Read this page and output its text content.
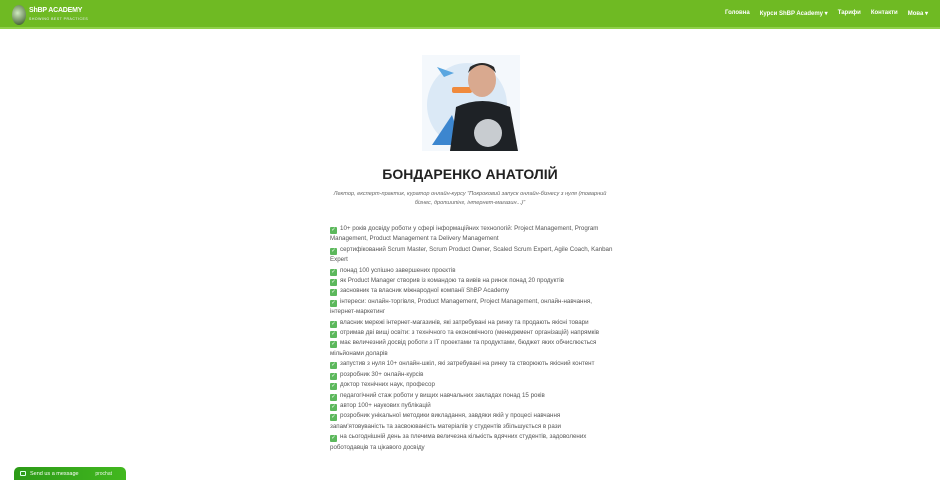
ShBP ACADEMY
SHOWING BEST PRACTICES
Головна Курси ShBP Academy ▾ Тарифи Контакти Мова ▾
БОНДАРЕНКО АНАТОЛІЙ
Лектор, експерт-практик, куратор онлайн-курсу "Покроковий запуск онлайн-бізнесу з нуля (товарний бізнес, дропшипінг, інтернет-магазин...)"
✓ 10+ років досвіду роботи у сфері інформаційних технологій: Project Management, Program Management, Product Management та Delivery Management
✓ сертифікований Scrum Master, Scrum Product Owner, Scaled Scrum Expert, Agile Coach, Kanban Expert
✓ понад 100 успішно завершених проєктів
✓ як Product Manager створив із командою та вивів на ринок понад 20 продуктів
✓ засновник та власник міжнародної компанії ShBP Academy
✓ інтереси: онлайн-торгівля, Product Management, Project Management, онлайн-навчання, інтернет-маркетинг
✓ власник мережі інтернет-магазинів, які затребувані на ринку та продають якісні товари
✓ отримав дві вищі освіти: з технічного та економічного (менеджмент організацій) напрямків
✓ має величезний досвід роботи з IT проектами та продуктами, бюджет яких обчислюється мільйонами доларів
✓ запустив з нуля 10+ онлайн-шкіл, які затребувані на ринку та створюють якісний контент
✓ розробник 30+ онлайн-курсів
✓ доктор технічних наук, професор
✓ педагогічний стаж роботи у вищих навчальних закладах понад 15 років
✓ автор 100+ наукових публікацій
✓ розробник унікальної методики викладання, завдяки якій у процесі навчання запам'ятовуваність та засвоюваність матеріалів у студентів збільшується в рази
✓ на сьогоднішній день за плечима величезна кількість вдячних студентів, задоволених роботодавців та цікавого досвіду
Send us a message	prochat
